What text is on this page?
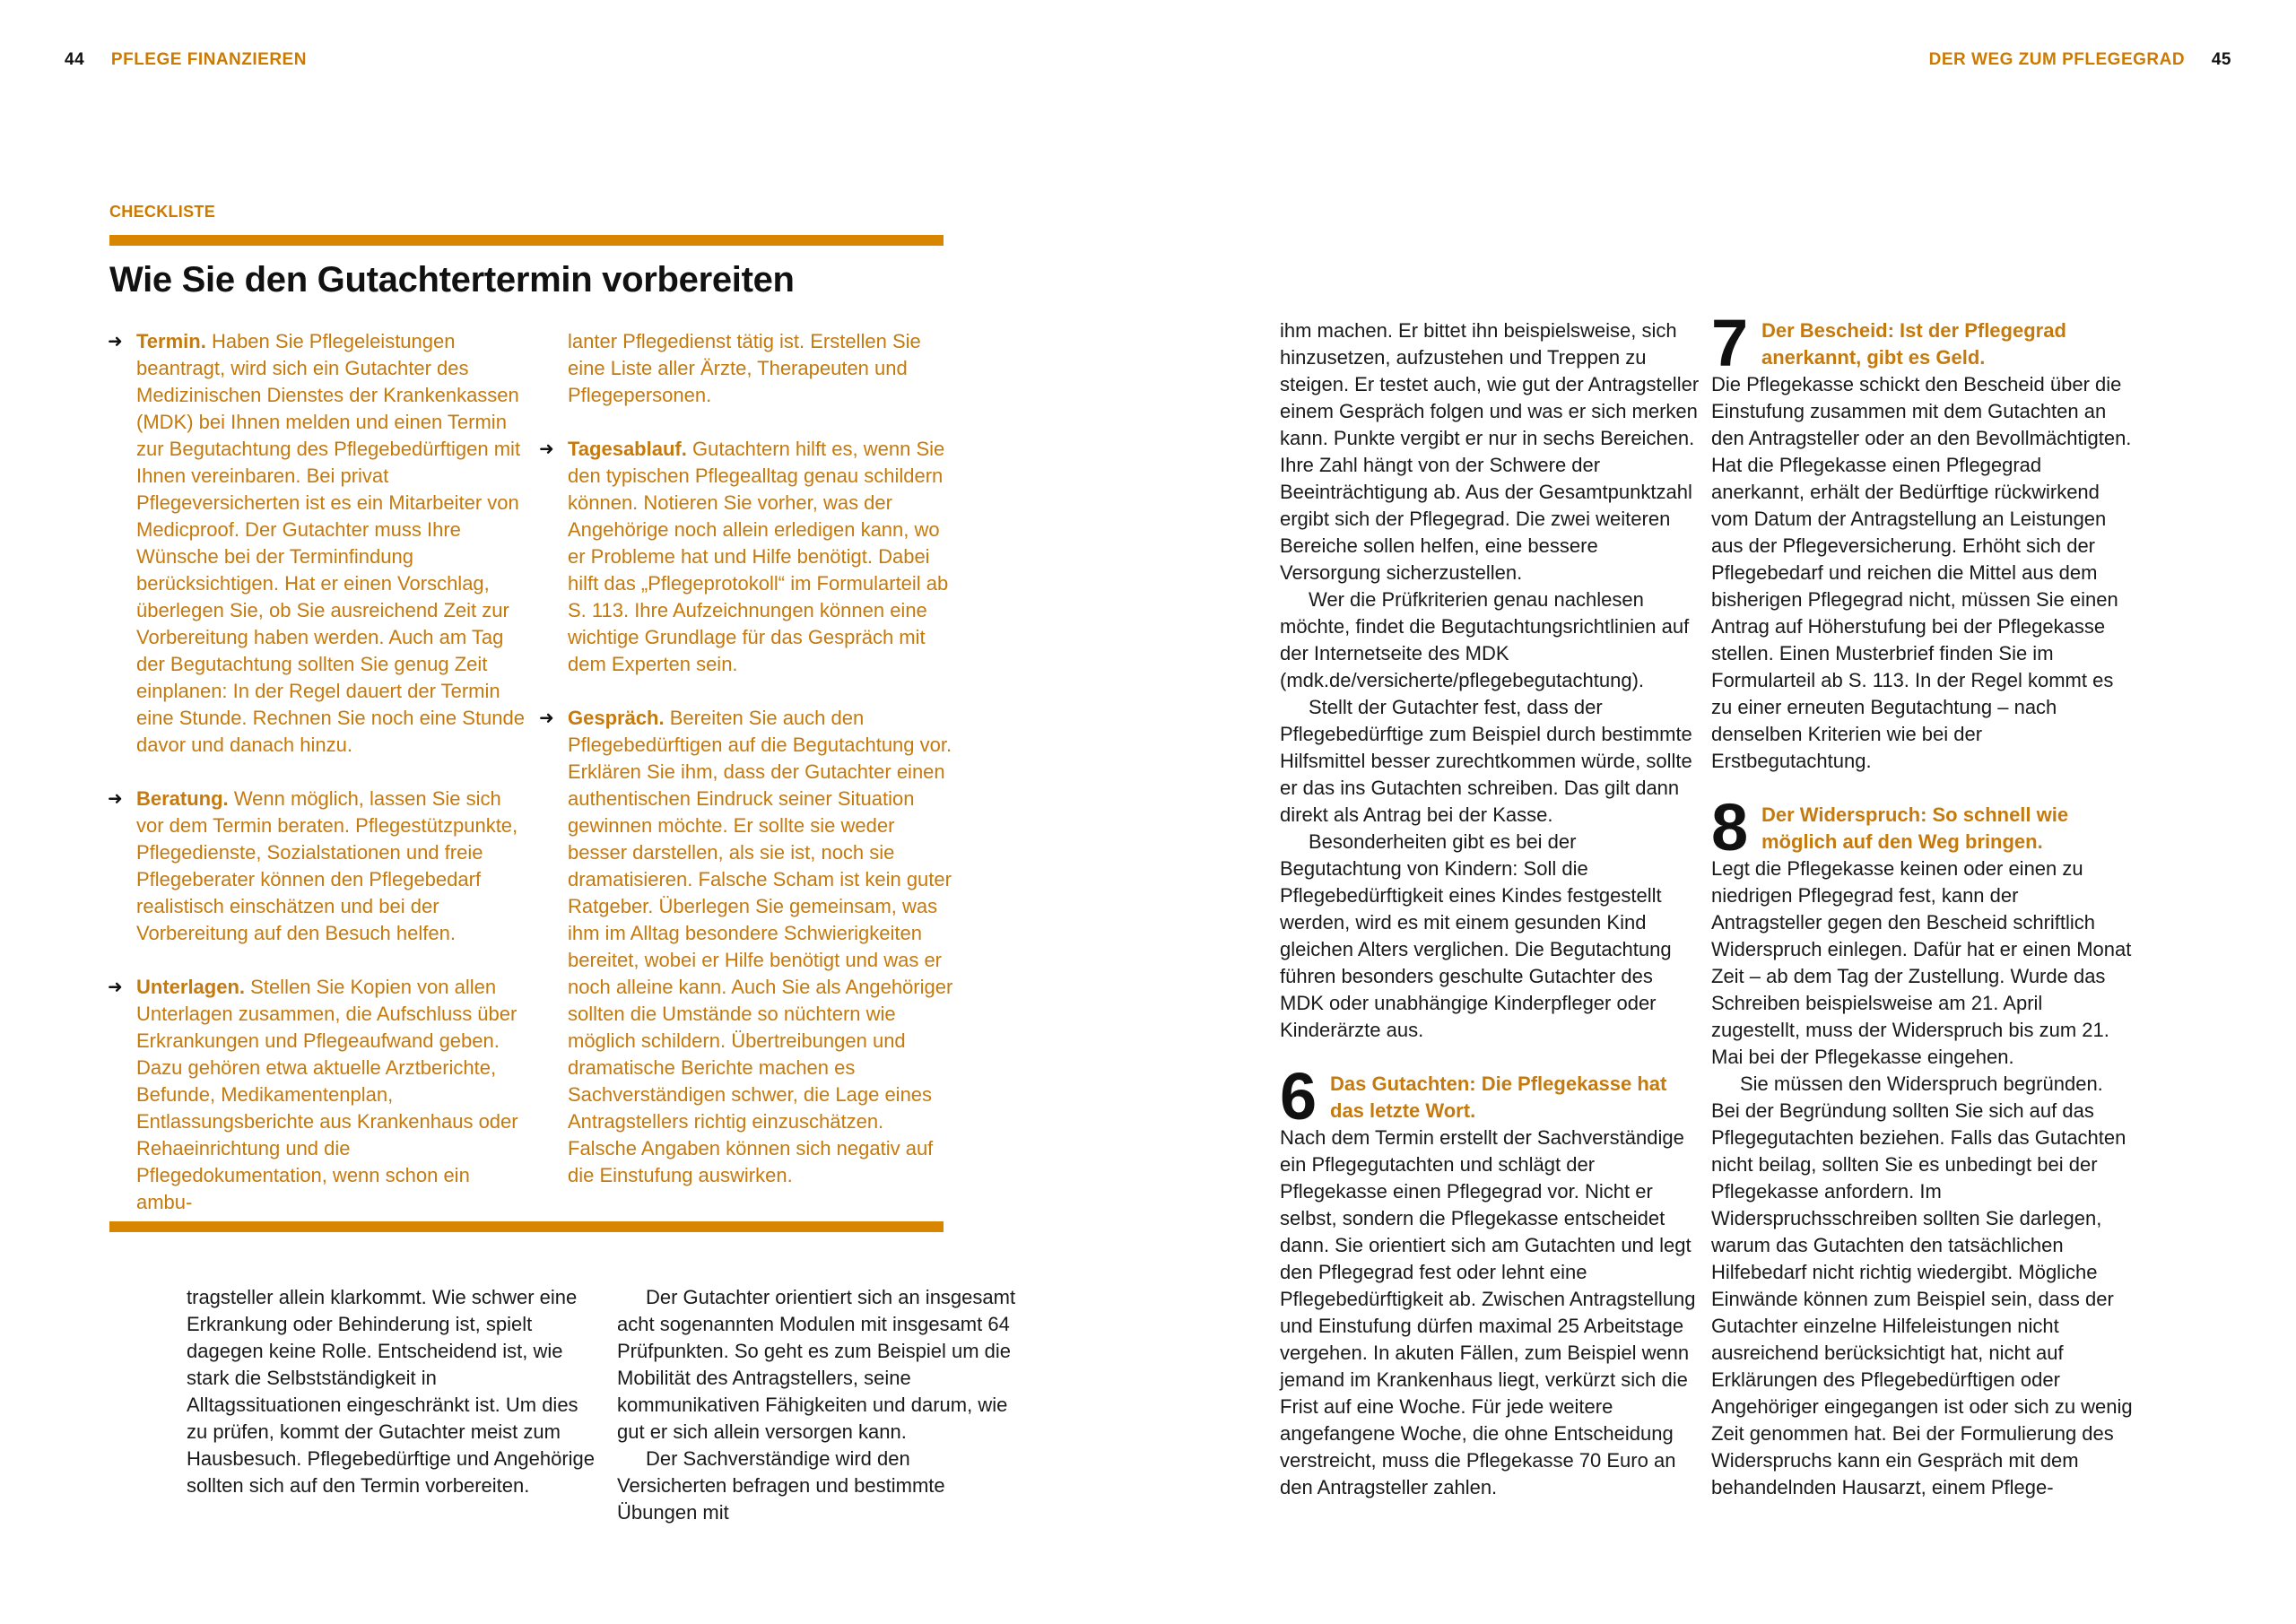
44 PFLEGE FINANZIEREN	DER WEG ZUM PFLEGEGRAD 45
CHECKLISTE
Wie Sie den Gutachtertermin vorbereiten
➜ Termin. Haben Sie Pflegeleistungen beantragt, wird sich ein Gutachter des Medizinischen Dienstes der Krankenkassen (MDK) bei Ihnen melden und einen Termin zur Begutachtung des Pflegebedürftigen mit Ihnen vereinbaren. Bei privat Pflegeversicherten ist es ein Mitarbeiter von Medicproof. Der Gutachter muss Ihre Wünsche bei der Terminfindung berücksichtigen. Hat er einen Vorschlag, überlegen Sie, ob Sie ausreichend Zeit zur Vorbereitung haben werden. Auch am Tag der Begutachtung sollten Sie genug Zeit einplanen: In der Regel dauert der Termin eine Stunde. Rechnen Sie noch eine Stunde davor und danach hinzu.
➜ Beratung. Wenn möglich, lassen Sie sich vor dem Termin beraten. Pflegestützpunkte, Pflegedienste, Sozialstationen und freie Pflegeberater können den Pflegebedarf realistisch einschätzen und bei der Vorbereitung auf den Besuch helfen.
➜ Unterlagen. Stellen Sie Kopien von allen Unterlagen zusammen, die Aufschluss über Erkrankungen und Pflegeaufwand geben. Dazu gehören etwa aktuelle Arztberichte, Befunde, Medikamentenplan, Entlassungsberichte aus Krankenhaus oder Rehaeinrichtung und die Pflegedokumentation, wenn schon ein ambu-
lanter Pflegedienst tätig ist. Erstellen Sie eine Liste aller Ärzte, Therapeuten und Pflegepersonen.
➜ Tagesablauf. Gutachtern hilft es, wenn Sie den typischen Pflegealltag genau schildern können. Notieren Sie vorher, was der Angehörige noch allein erledigen kann, wo er Probleme hat und Hilfe benötigt. Dabei hilft das „Pflegeprotokoll“ im Formularteil ab S. 113. Ihre Aufzeichnungen können eine wichtige Grundlage für das Gespräch mit dem Experten sein.
➜ Gespräch. Bereiten Sie auch den Pflegebedürftigen auf die Begutachtung vor. Erklären Sie ihm, dass der Gutachter einen authentischen Eindruck seiner Situation gewinnen möchte. Er sollte sie weder besser darstellen, als sie ist, noch sie dramatisieren. Falsche Scham ist kein guter Ratgeber. Überlegen Sie gemeinsam, was ihm im Alltag besondere Schwierigkeiten bereitet, wobei er Hilfe benötigt und was er noch alleine kann. Auch Sie als Angehöriger sollten die Umstände so nüchtern wie möglich schildern. Übertreibungen und dramatische Berichte machen es Sachverständigen schwer, die Lage eines Antragstellers richtig einzuschätzen. Falsche Angaben können sich negativ auf die Einstufung auswirken.

tragsteller allein klarkommt. Wie schwer eine Erkrankung oder Behinderung ist, spielt dagegen keine Rolle. Entscheidend ist, wie stark die Selbstständigkeit in Alltagssituationen eingeschränkt ist. Um dies zu prüfen, kommt der Gutachter meist zum Hausbesuch. Pflegebedürftige und Angehörige sollten sich auf den Termin vorbereiten.

Der Gutachter orientiert sich an insgesamt acht sogenannten Modulen mit insgesamt 64 Prüfpunkten. So geht es zum Beispiel um die Mobilität des Antragstellers, seine kommunikativen Fähigkeiten und darum, wie gut er sich allein versorgen kann.

Der Sachverständige wird den Versicherten befragen und bestimmte Übungen mit

ihm machen. Er bittet ihn beispielsweise, sich hinzusetzen, aufzustehen und Treppen zu steigen. Er testet auch, wie gut der Antragsteller einem Gespräch folgen und was er sich merken kann. Punkte vergibt er nur in sechs Bereichen. Ihre Zahl hängt von der Schwere der Beeinträchtigung ab. Aus der Gesamtpunktzahl ergibt sich der Pflegegrad. Die zwei weiteren Bereiche sollen helfen, eine bessere Versorgung sicherzustellen.

Wer die Prüfkriterien genau nachlesen möchte, findet die Begutachtungsrichtlinien auf der Internetseite des MDK (mdk.de/versicherte/pflegebegutachtung).

Stellt der Gutachter fest, dass der Pflegebedürftige zum Beispiel durch bestimmte Hilfsmittel besser zurechtkommen würde, sollte er das ins Gutachten schreiben. Das gilt dann direkt als Antrag bei der Kasse.

Besonderheiten gibt es bei der Begutachtung von Kindern: Soll die Pflegebedürftigkeit eines Kindes festgestellt werden, wird es mit einem gesunden Kind gleichen Alters verglichen. Die Begutachtung führen besonders geschulte Gutachter des MDK oder unabhängige Kinderpfleger oder Kinderärzte aus.

6 Das Gutachten: Die Pflegekasse hat das letzte Wort.

Nach dem Termin erstellt der Sachverständige ein Pflegegutachten und schlägt der Pflegekasse einen Pflegegrad vor. Nicht er selbst, sondern die Pflegekasse entscheidet dann. Sie orientiert sich am Gutachten und legt den Pflegegrad fest oder lehnt eine Pflegebedürftigkeit ab. Zwischen Antragstellung und Einstufung dürfen maximal 25 Arbeitstage vergehen. In akuten Fällen, zum Beispiel wenn jemand im Krankenhaus liegt, verkürzt sich die Frist auf eine Woche. Für jede weitere angefangene Woche, die ohne Entscheidung verstreicht, muss die Pflegekasse 70 Euro an den Antragsteller zahlen.

7 Der Bescheid: Ist der Pflegegrad anerkannt, gibt es Geld.

Die Pflegekasse schickt den Bescheid über die Einstufung zusammen mit dem Gutachten an den Antragsteller oder an den Bevollmächtigten. Hat die Pflegekasse einen Pflegegrad anerkannt, erhält der Bedürftige rückwirkend vom Datum der Antragstellung an Leistungen aus der Pflegeversicherung. Erhöht sich der Pflegebedarf und reichen die Mittel aus dem bisherigen Pflegegrad nicht, müssen Sie einen Antrag auf Höherstufung bei der Pflegekasse stellen. Einen Musterbrief finden Sie im Formularteil ab S. 113. In der Regel kommt es zu einer erneuten Begutachtung – nach denselben Kriterien wie bei der Erstbegutachtung.

8 Der Widerspruch: So schnell wie möglich auf den Weg bringen.

Legt die Pflegekasse keinen oder einen zu niedrigen Pflegegrad fest, kann der Antragsteller gegen den Bescheid schriftlich Widerspruch einlegen. Dafür hat er einen Monat Zeit – ab dem Tag der Zustellung. Wurde das Schreiben beispielsweise am 21. April zugestellt, muss der Widerspruch bis zum 21. Mai bei der Pflegekasse eingehen.

Sie müssen den Widerspruch begründen. Bei der Begründung sollten Sie sich auf das Pflegegutachten beziehen. Falls das Gutachten nicht beilag, sollten Sie es unbedingt bei der Pflegekasse anfordern. Im Widerspruchsschreiben sollten Sie darlegen, warum das Gutachten den tatsächlichen Hilfebedarf nicht richtig wiedergibt. Mögliche Einwände können zum Beispiel sein, dass der Gutachter einzelne Hilfeleistungen nicht ausreichend berücksichtigt hat, nicht auf Erklärungen des Pflegebedürftigen oder Angehöriger eingegangen ist oder sich zu wenig Zeit genommen hat. Bei der Formulierung des Widerspruchs kann ein Gespräch mit dem behandelnden Hausarzt, einem Pflege-
